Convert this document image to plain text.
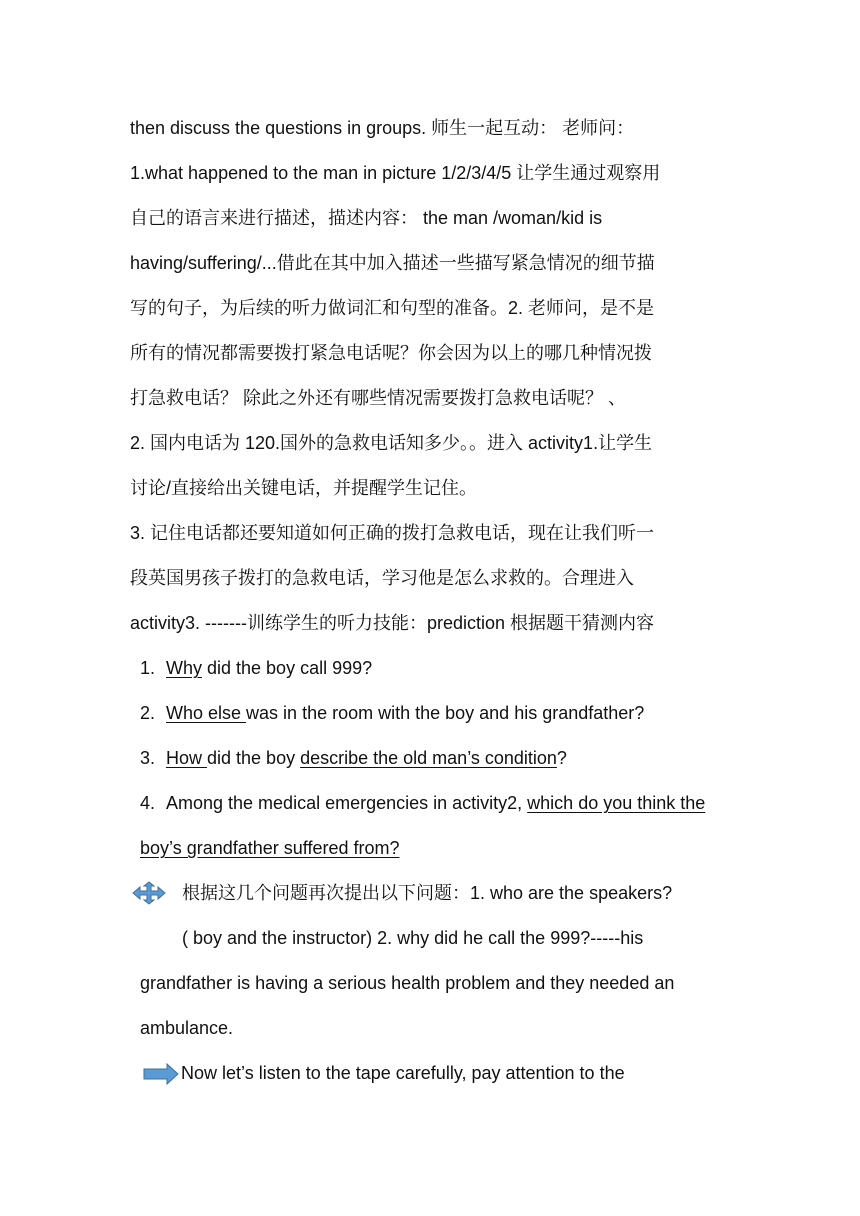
then discuss the questions in groups. 师生一起互动： 老师问：
1.what happened to the man in picture 1/2/3/4/5 让学生通过观察用
自己的语言来进行描述，描述内容： the man /woman/kid is
having/suffering/...借此在其中加入描述一些描写紧急情况的细节描
写的句子，为后续的听力做词汇和句型的准备。2. 老师问，是不是
所有的情况都需要拨打紧急电话呢？你会因为以上的哪几种情况拨
打急救电话？ 除此之外还有哪些情况需要拨打急救电话呢？ 、
2. 国内电话为 120.国外的急救电话知多少。。进入 activity1.让学生
讨论/直接给出关键电话，并提醒学生记住。
3. 记住电话都还要知道如何正确的拨打急救电话，现在让我们听一
段英国男孩子拨打的急救电话，学习他是怎么求救的。合理进入
activity3. -------训练学生的听力技能：prediction 根据题干猜测内容
1. Why did the boy call 999?
2. Who else was in the room with the boy and his grandfather?
3. How did the boy describe the old man’s condition?
4. Among the medical emergencies in activity2, which do you think the
boy’s grandfather suffered from?
根据这几个问题再次提出以下问题：1. who are the speakers?
( boy and the instructor) 2. why did he call the 999?-----his
grandfather is having a serious health problem and they needed an
ambulance.
Now let’s listen to the tape carefully, pay attention to the
